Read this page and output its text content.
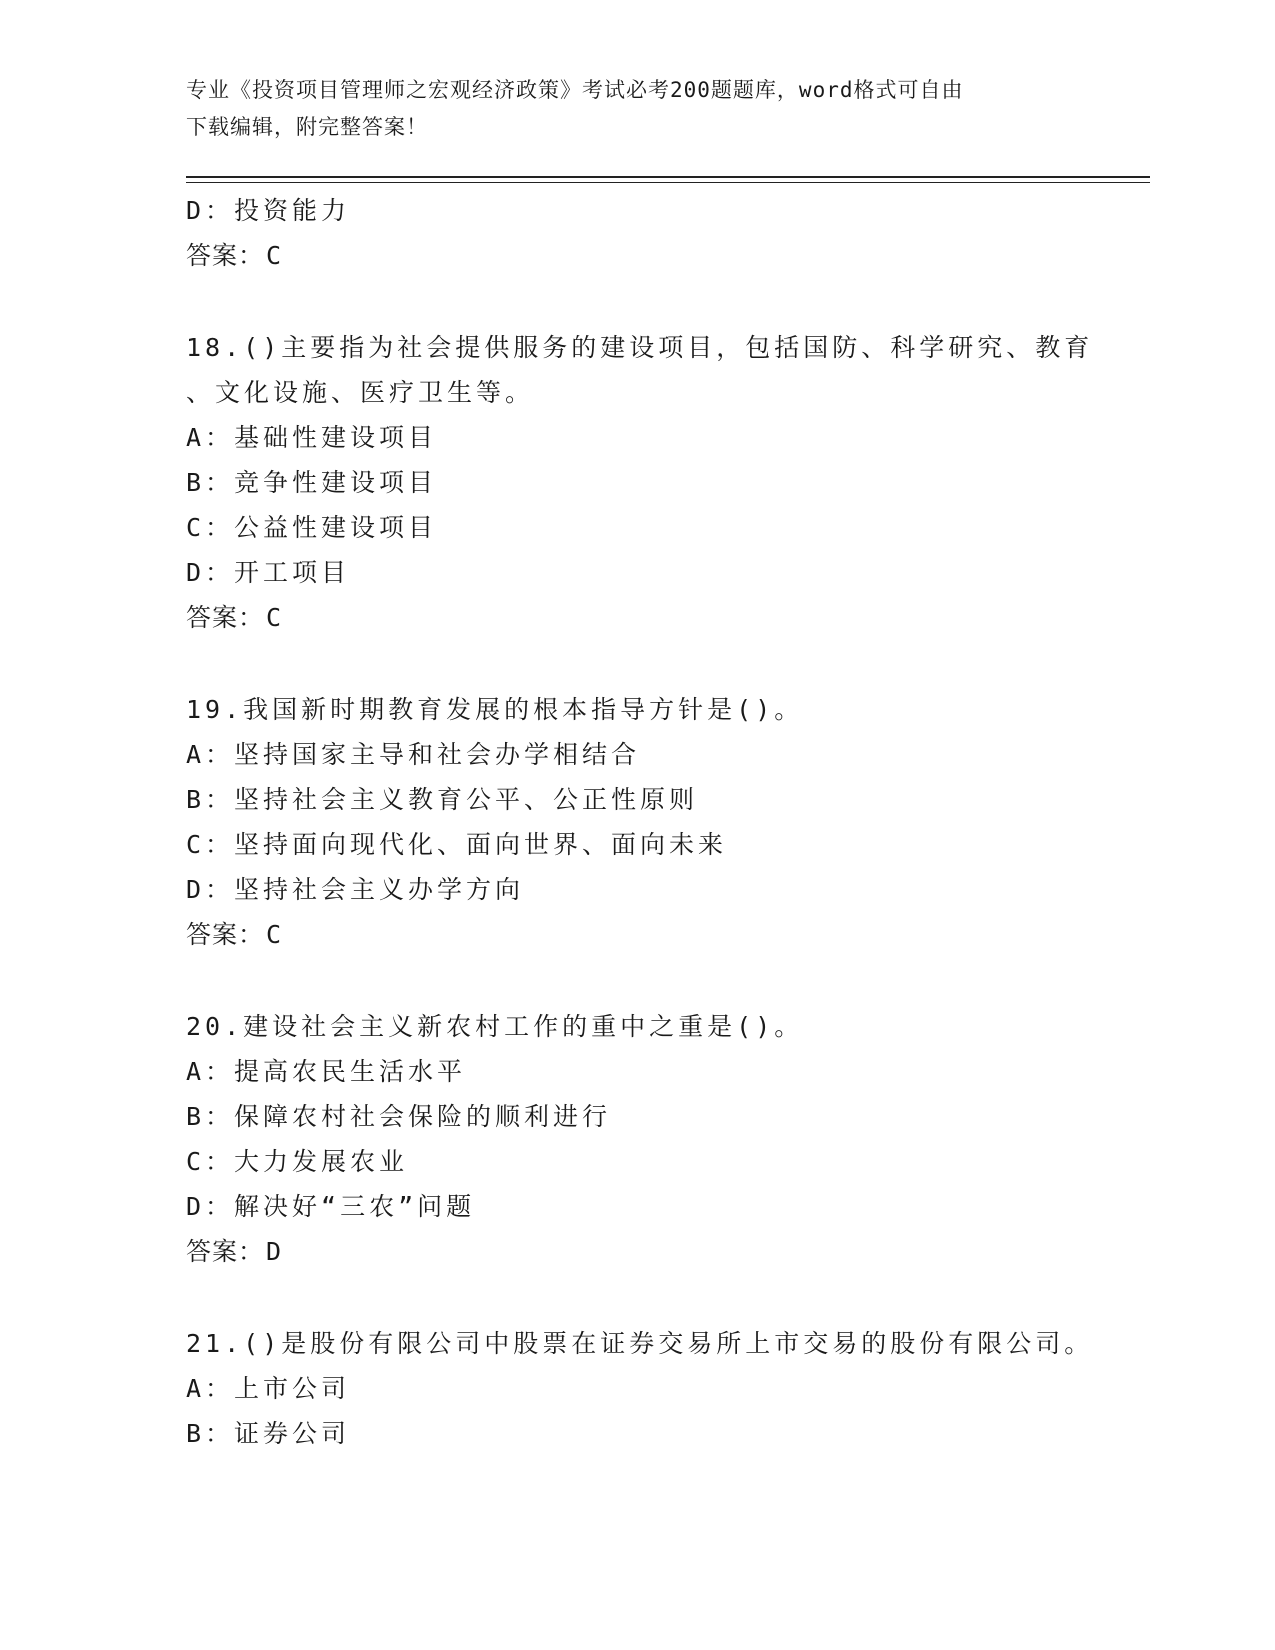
专业《投资项目管理师之宏观经济政策》考试必考200题题库，word格式可自由
下载编辑，附完整答案！
D：投资能力
答案：C
18.()主要指为社会提供服务的建设项目，包括国防、科学研究、教育
、文化设施、医疗卫生等。
A：基础性建设项目
B：竞争性建设项目
C：公益性建设项目
D：开工项目
答案：C
19.我国新时期教育发展的根本指导方针是()。
A：坚持国家主导和社会办学相结合
B：坚持社会主义教育公平、公正性原则
C：坚持面向现代化、面向世界、面向未来
D：坚持社会主义办学方向
答案：C
20.建设社会主义新农村工作的重中之重是()。
A：提高农民生活水平
B：保障农村社会保险的顺利进行
C：大力发展农业
D：解决好“三农”问题
答案：D
21.()是股份有限公司中股票在证券交易所上市交易的股份有限公司。
A：上市公司
B：证券公司
